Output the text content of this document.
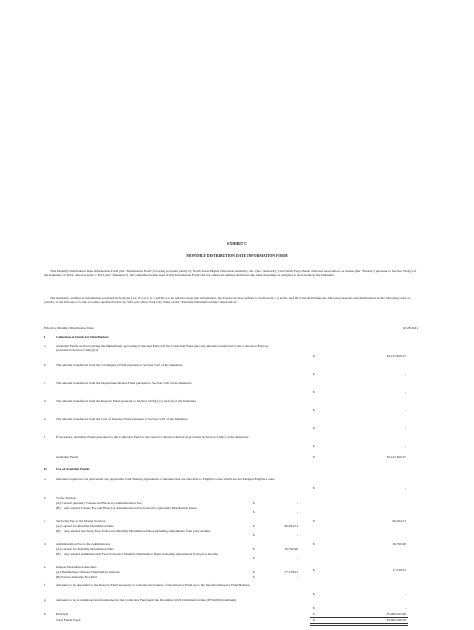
EXHIBIT C
MONTHLY DISTRIBUTION DATE INFORMATION FORM
This Monthly Distribution Date Information Form (the "Information Form") is being provided jointly by North Texas Higher Education Authority, Inc. (the "Authority") and Wells Fargo Bank, National Association, as trustee (the "Trustee") pursuant to Section 5.04(c) of the Indenture of Trust, dated as June 1, 2013 (the "Indenture"). All capitalized terms used in this Information Form and not otherwise defined shall have the same meanings as assigned to such terms in the Indenture.
The Authority certifies to information provided in Sections I a-f, II a-d, f, h, i and III a-e. In reliance upon that information, the Trustee in turn certifies to Sections II c, g and h, and III d and shall make the following deposits and distributions in the following order or priority, to the Persons or to the accounts specified below by 3:00 p.m. (New York City time) on the "Monthly Distribution Date" listed below:
Effective Monthly Distribution Date:	10/28/2021
I	Collection of Funds for Distribution:
a	Available Funds received during the immediately preceding Collection Period in the Collection Fund plus any amounts transferred to the Collection Fund as provided in Section 5.04(c)(vi)
$	39,147,400.27
b	The amount transferred from the Contingency Fund pursuant to Section 5.02 of the Indenture
$	-
c	The amount transferred from the Department Rebate Fund pursuant to Section 5.06 of the Indenture
$	-
d	The amount transferred from the Reserve Fund pursuant to Section 5.03(b), (c) and (d) of the Indenture
$	-
e	The amount transferred from the Cost of Issuance Fund pursuant to Section 5.05 of the Indenture
$	-
f	If necessary, Available Funds deposited to the Collection Fund to the current Collection Period as provided in Section 5.04(c) of the Indenture
$	-
Available Funds	$	39,147,400.27
II	Use of Available Funds:
a	Amounts required to be paid under any applicable Joint Sharing Agreement or amounts that are allocable to Eligible Loans which are not Pledged Eligible Loans
$	-
b	To the Trustee:
(A) Current quarterly Trustee and Back-Up Administration Fee;	$	-
(B) Any unpaid Trustee Fee and Back-Up Administration Fee from prior Quarterly Distribution Dates
$	-
c	Servicing Fee to the Master Servicer	$	66,264.51
(A) Current for Monthly Distribution Date	$	66,264.51
(B) Any unpaid Servicing Fees from prior Monthly Distribution Dates including adjustments from prior months
$	-
d	Administration Fee to the Administrator	$	30,790.90
(A) Current for Monthly Distribution Date	$	30,790.90
(B) Any unpaid Administration Fees from prior Monthly Distribution Dates including adjustments from prior months
$	-
e	Interest Distribution Amounts
$	17,138.01
(A) Bondholders' Interest Distribution Amount	$	17,138.01
(B) Excess Amounts Not Paid	$	-
f	Amounts to be deposited to the Reserve Fund necessary to reinstate the balance of the Reserve Fund up to the Specified Reserve Fund Balance
$	-
g	Amounts to be accumulated and maintained in the Collection Fund until the December 2023 Distribution Date ($750,000 maximum)
$	-
h	Principal	$	35,486,203.96
Total Funds Used:	$	39,600,398.38
